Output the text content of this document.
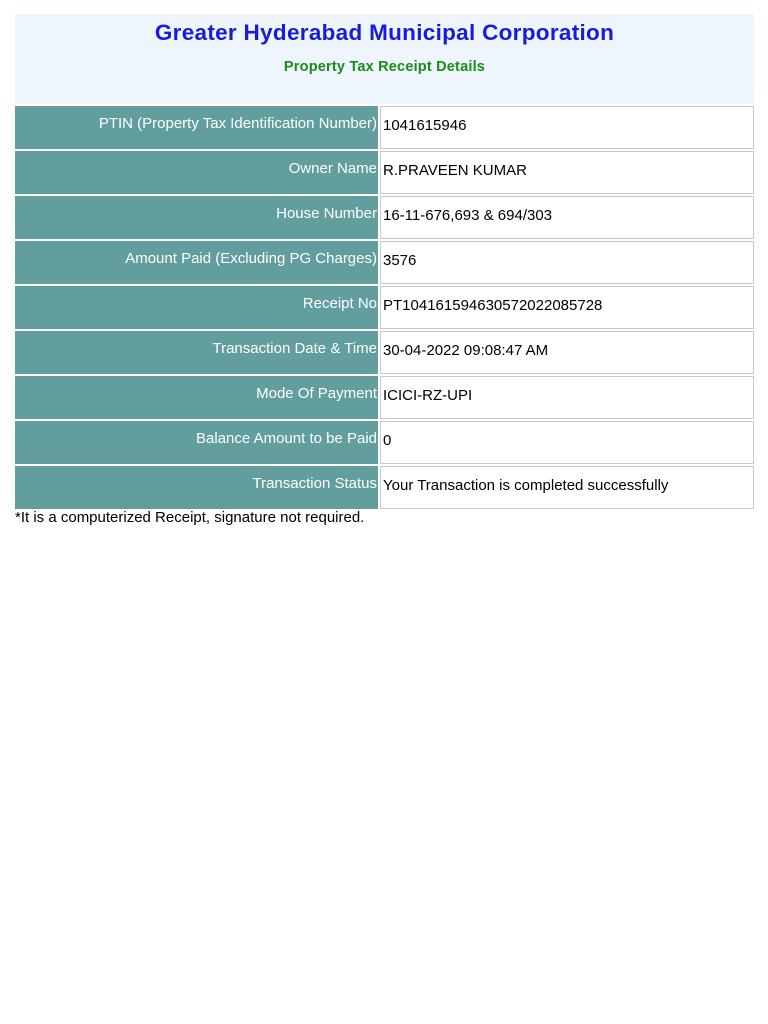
Greater Hyderabad Municipal Corporation
Property Tax Receipt Details
PTIN (Property Tax Identification Number)		1041615946
Owner Name		R.PRAVEEN KUMAR
House Number		16-11-676,693 & 694/303
Amount Paid (Excluding PG Charges)		3576
Receipt No		PT1041615946305720220857​28
Transaction Date & Time		30-04-2022 09:08:47 AM
Mode Of Payment		ICICI-RZ-UPI
Balance Amount to be Paid		0
Transaction Status		Your Transaction is completed successfully
*It is a computerized Receipt, signature not required.
